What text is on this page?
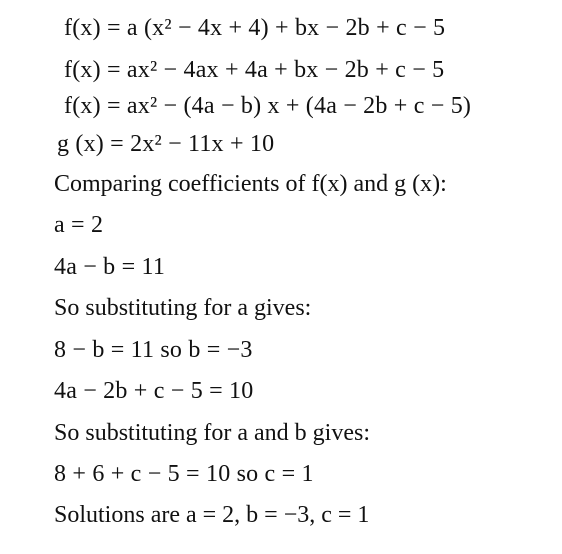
f(x) = a (x² − 4x + 4) + bx − 2b + c − 5
f(x) = ax² − 4ax + 4a + bx − 2b + c − 5
f(x) = ax² − (4a − b) x + (4a − 2b + c − 5)
g (x) = 2x² − 11x + 10
Comparing coefficients of f(x) and g (x):
a = 2
4a − b = 11
So substituting for a gives:
8 − b = 11 so b = −3
4a − 2b + c − 5 = 10
So substituting for a and b gives:
8 + 6 + c − 5 = 10 so c = 1
Solutions are a = 2, b = −3, c = 1
